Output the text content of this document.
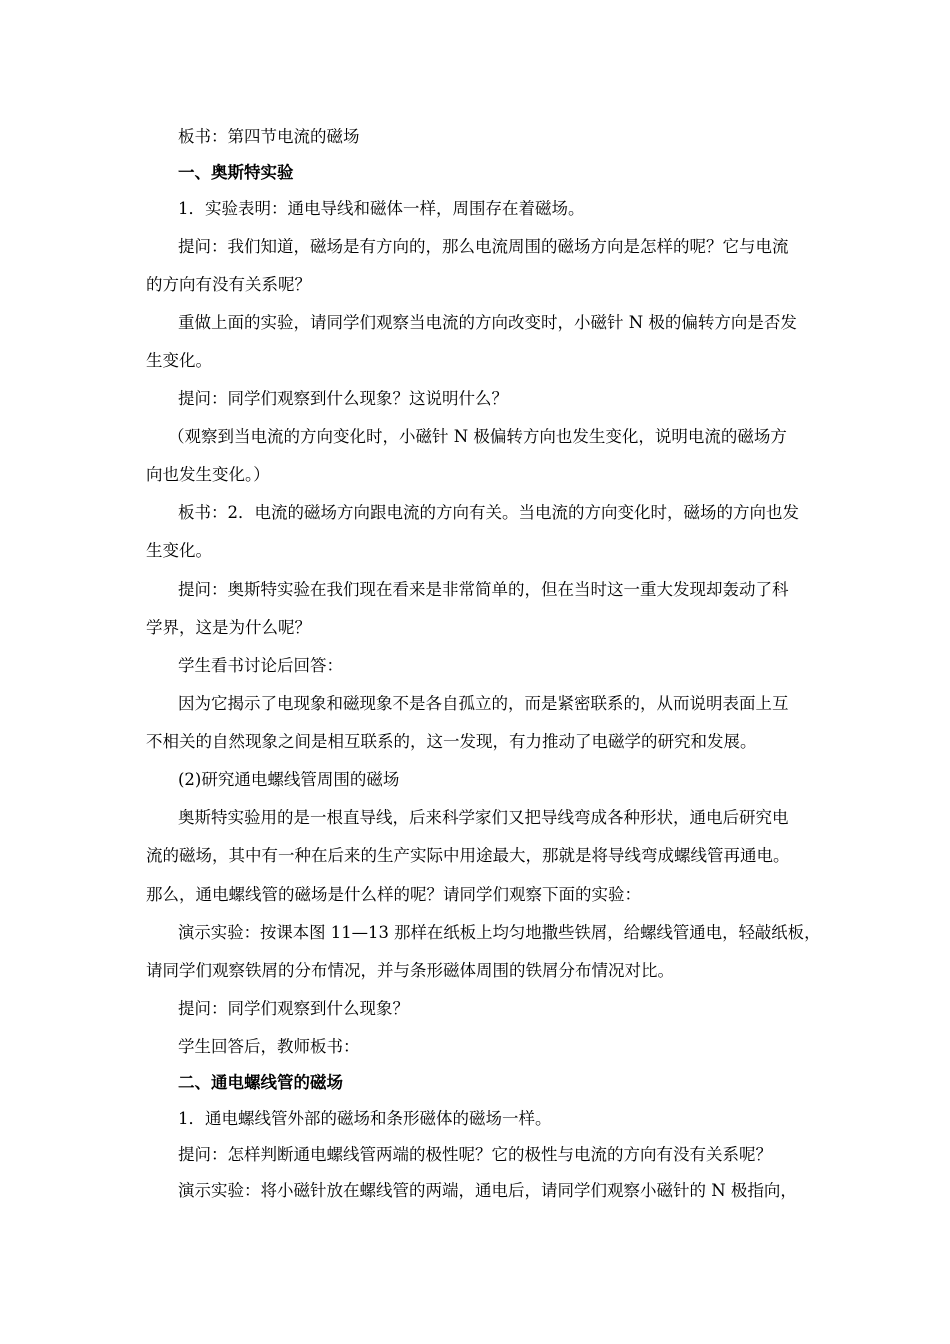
板书：第四节电流的磁场
一、奥斯特实验
1．实验表明：通电导线和磁体一样，周围存在着磁场。
提问：我们知道，磁场是有方向的，那么电流周围的磁场方向是怎样的呢？它与电流
的方向有没有关系呢？
重做上面的实验，请同学们观察当电流的方向改变时，小磁针 N 极的偏转方向是否发
生变化。
提问：同学们观察到什么现象？这说明什么？
（观察到当电流的方向变化时，小磁针 N 极偏转方向也发生变化，说明电流的磁场方
向也发生变化。）
板书：2．电流的磁场方向跟电流的方向有关。当电流的方向变化时，磁场的方向也发
生变化。
提问：奥斯特实验在我们现在看来是非常简单的，但在当时这一重大发现却轰动了科
学界，这是为什么呢？
学生看书讨论后回答：
因为它揭示了电现象和磁现象不是各自孤立的，而是紧密联系的，从而说明表面上互
不相关的自然现象之间是相互联系的，这一发现，有力推动了电磁学的研究和发展。
(2)研究通电螺线管周围的磁场
奥斯特实验用的是一根直导线，后来科学家们又把导线弯成各种形状，通电后研究电
流的磁场，其中有一种在后来的生产实际中用途最大，那就是将导线弯成螺线管再通电。
那么，通电螺线管的磁场是什么样的呢？请同学们观察下面的实验：
演示实验：按课本图 11—13 那样在纸板上均匀地撒些铁屑，给螺线管通电，轻敲纸板，
请同学们观察铁屑的分布情况，并与条形磁体周围的铁屑分布情况对比。
提问：同学们观察到什么现象？
学生回答后，教师板书：
二、通电螺线管的磁场
1．通电螺线管外部的磁场和条形磁体的磁场一样。
提问：怎样判断通电螺线管两端的极性呢？它的极性与电流的方向有没有关系呢？
演示实验：将小磁针放在螺线管的两端，通电后，请同学们观察小磁针的 N 极指向，
